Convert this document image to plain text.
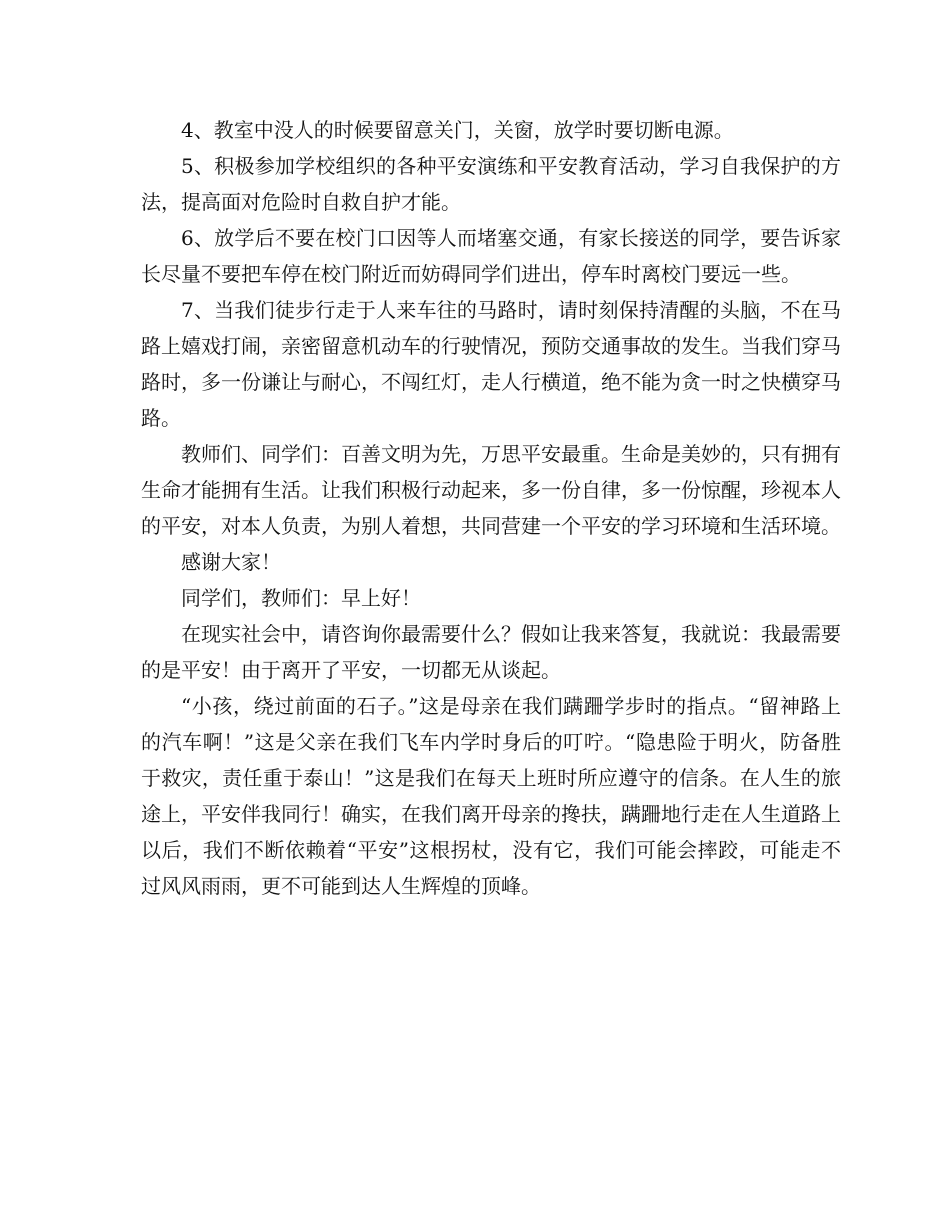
4、教室中没人的时候要留意关门，关窗，放学时要切断电源。

5、积极参加学校组织的各种平安演练和平安教育活动，学习自我保护的方法，提高面对危险时自救自护才能。

6、放学后不要在校门口因等人而堵塞交通，有家长接送的同学，要告诉家长尽量不要把车停在校门附近而妨碍同学们进出，停车时离校门要远一些。

7、当我们徒步行走于人来车往的马路时，请时刻保持清醒的头脑，不在马路上嬉戏打闹，亲密留意机动车的行驶情况，预防交通事故的发生。当我们穿马路时，多一份谦让与耐心，不闯红灯，走人行横道，绝不能为贪一时之快横穿马路。

教师们、同学们：百善文明为先，万思平安最重。生命是美妙的，只有拥有生命才能拥有生活。让我们积极行动起来，多一份自律，多一份惊醒，珍视本人的平安，对本人负责，为别人着想，共同营建一个平安的学习环境和生活环境。

感谢大家！

同学们，教师们：早上好！

在现实社会中，请咨询你最需要什么？假如让我来答复，我就说：我最需要的是平安！由于离开了平安，一切都无从谈起。

“小孩，绕过前面的石子。”这是母亲在我们蹒跚学步时的指点。“留神路上的汽车啊！”这是父亲在我们飞车内学时身后的叮咛。“隐患险于明火，防备胜于救灾，责任重于泰山！”这是我们在每天上班时所应遵守的信条。在人生的旅途上，平安伴我同行！确实，在我们离开母亲的搀扶，蹒跚地行走在人生道路上以后，我们不断依赖着“平安”这根拐杖，没有它，我们可能会摔跤，可能走不过风风雨雨，更不可能到达人生辉煌的顶峰。
